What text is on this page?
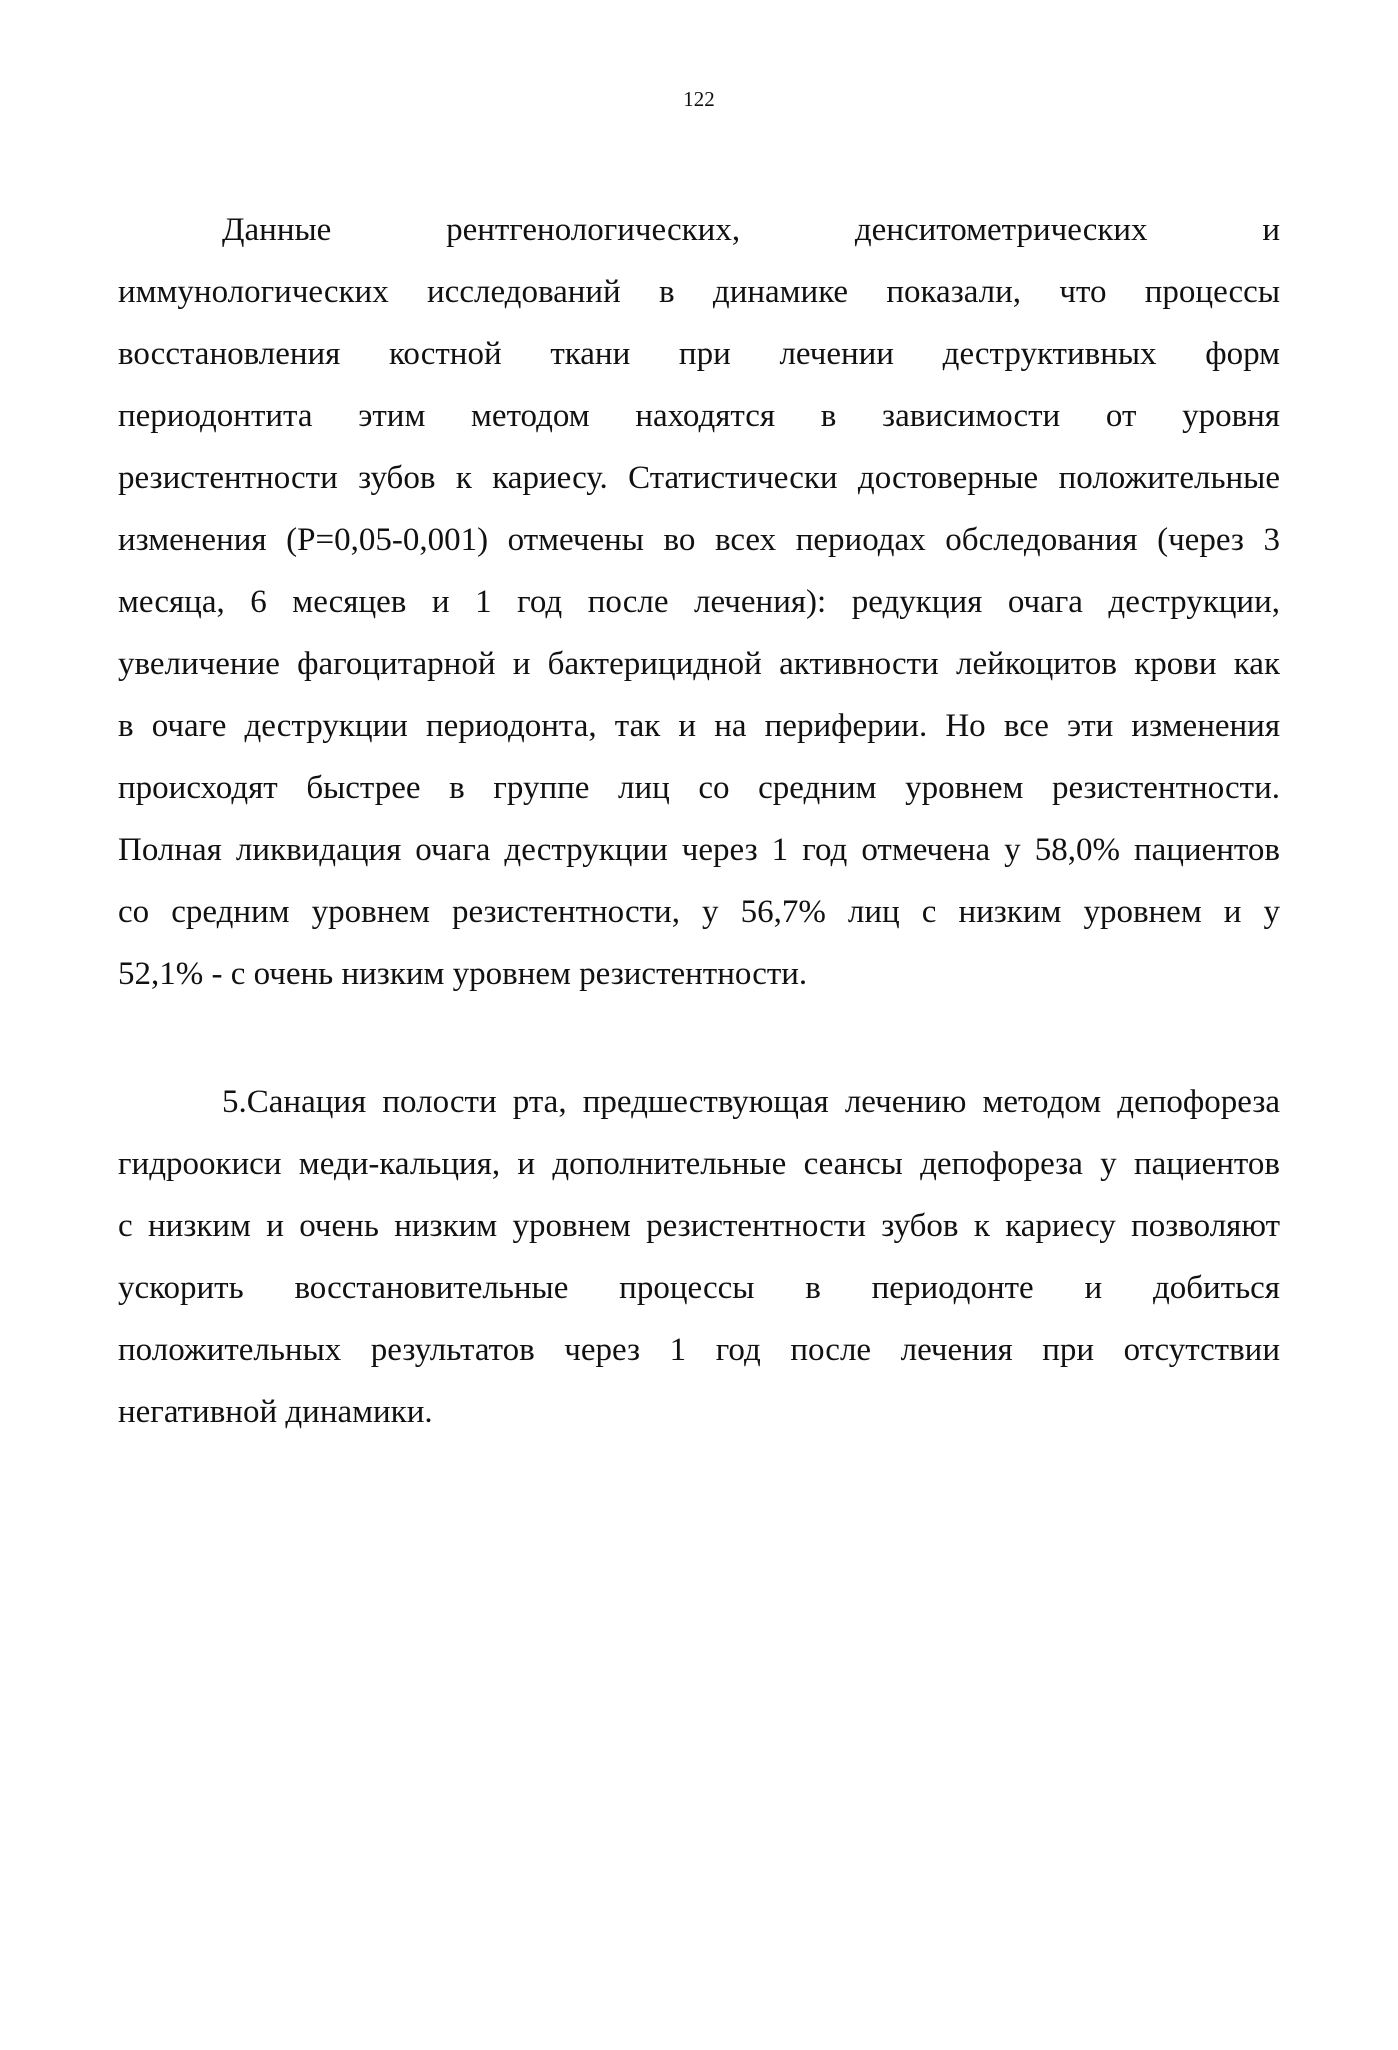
122
Данные рентгенологических, денситометрических и
иммунологических исследований в динамике показали, что процессы
восстановления костной ткани при лечении деструктивных форм
периодонтита этим методом находятся в зависимости от уровня
резистентности зубов к кариесу. Статистически достоверные положительные
изменения (Р=0,05-0,001) отмечены во всех периодах обследования (через 3
месяца, 6 месяцев и 1 год после лечения): редукция очага деструкции,
увеличение фагоцитарной и бактерицидной активности лейкоцитов крови как
в очаге деструкции периодонта, так и на периферии. Но все эти изменения
происходят быстрее в группе лиц со средним уровнем резистентности.
Полная ликвидация очага деструкции через 1 год отмечена у 58,0% пациентов
со средним уровнем резистентности, у 56,7% лиц с низким уровнем и у
52,1% - с очень низким уровнем резистентности.
5.Санация полости рта, предшествующая лечению методом депофореза
гидроокиси меди-кальция, и дополнительные сеансы депофореза у пациентов
с низким и очень низким уровнем резистентности зубов к кариесу позволяют
ускорить восстановительные процессы в периодонте и добиться
положительных результатов через 1 год после лечения при отсутствии
негативной динамики.
